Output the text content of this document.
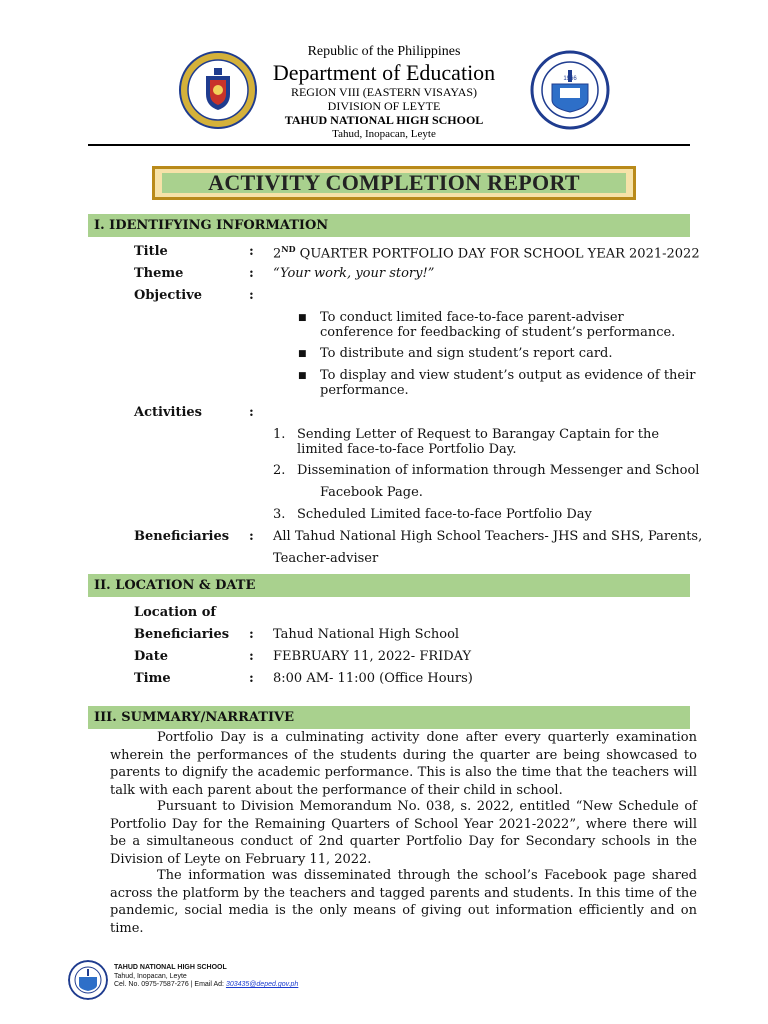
Republic of the Philippines
Department of Education
REGION VIII (EASTERN VISAYAS)
DIVISION OF LEYTE
TAHUD NATIONAL HIGH SCHOOL
Tahud, Inopacan, Leyte
1966
ACTIVITY COMPLETION REPORT
I. IDENTIFYING INFORMATION
Title	: 2ND QUARTER PORTFOLIO DAY FOR SCHOOL YEAR 2021-2022
Theme	: “Your work, your story!”
Objective	:
■ To conduct limited face-to-face parent-adviser conference for feedbacking of student’s performance.
■ To distribute and sign student’s report card.
■ To display and view student’s output as evidence of their performance.
Activities	:
1. Sending Letter of Request to Barangay Captain for the limited face-to-face Portfolio Day.
2. Dissemination of information through Messenger and School
Facebook Page.
3. Scheduled Limited face-to-face Portfolio Day
Beneficiaries : All Tahud National High School Teachers- JHS and SHS, Parents,
Teacher-adviser
II. LOCATION & DATE
Location of
Beneficiaries : Tahud National High School
Date	: FEBRUARY 11, 2022- FRIDAY
Time	: 8:00 AM- 11:00 (Office Hours)
III. SUMMARY/NARRATIVE
Portfolio Day is a culminating activity done after every quarterly examination wherein the performances of the students during the quarter are being showcased to parents to dignify the academic performance. This is also the time that the teachers will talk with each parent about the performance of their child in school.
Pursuant to Division Memorandum No. 038, s. 2022, entitled “New Schedule of Portfolio Day for the Remaining Quarters of School Year 2021-2022”, where there will be a simultaneous conduct of 2nd quarter Portfolio Day for Secondary schools in the Division of Leyte on February 11, 2022.
The information was disseminated through the school’s Facebook page shared across the platform by the teachers and tagged parents and students. In this time of the pandemic, social media is the only means of giving out information efficiently and on time.
TAHUD NATIONAL HIGH SCHOOL
Tahud, Inopacan, Leyte
Cel. No. 0975-7587-276 | Email Ad: 303435@deped.gov.ph
